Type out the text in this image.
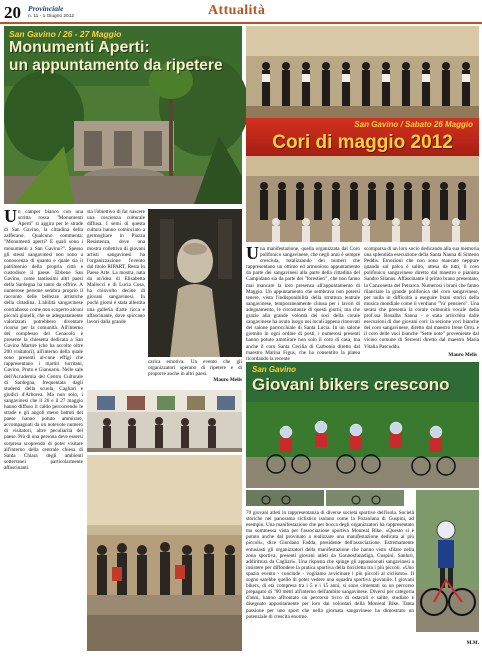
20 Provinciale
n. 11 - 1 Giugno 2012	Attualità
San Gavino / 26 - 27 Maggio
Monumenti Aperti:
un appuntamento da ripetere
Un camper bianco con una scritta rossa "Monumenti Aperti" si aggira per le strade di San Gavino, la cittadina della zafferano. Qualcuno commenta: "Monumenti aperti? E quali sono i monumenti a San Gavino?". Spesso gli stessi sangavinesi non sono a conoscenza di quanto e quale sia il patrimonio della propria città e custodisce il paese. Ebbene San Gavino, come tantissimi altri paesi della Sardegna ha tanto da offrire. A numerose persone sembra proprio il racconto delle bellezze artistiche della cittadina. L'abilità sangavinese contrabasso come non scoperto alcuni piccoli gioielli, che se adeguatamente valorizzati potrebbero diventare ricorso per la comunità. All'interno del complesso del Cenacolo è presente la chiesetta dedicata a San Gavino Martire (che ha accolto oltre 200 visitatori), all'interno della quale sono presenti al-cune effigi che rappresentano i martiri turritani, Gavino, Proto e Gianuario. Nelle sale dell'Accademia del Centro Culturale di Sardegna, frequentata dagli studenti della scuola, Cagliari e giudici d'Arborea. Ma non solo, i sangavinesi che il 26 e il 27 maggio hanno diffuso il caldo percorrendo le strade e gli angoli meno battuti del paese hanno potuto ammirare, accompagnati da un notevole numero di visitatori, altre peculiarità del paese. Più di una persona deve essersi sorpresa scoprendo di poter visitare all'interno della centrale chiesa di Santa Chiara degli ambienti sotterranei particolarmente affascinanti.
sta l'obiettivo di far nascere una coscienza culturale diffusa. I semi di questa cultura hanno cominciato a germogliare in Piazza Resistenza, dove una mostra collettiva di giovani artisti sangavinesi ha l'organizzazione l'evento dal titolo RIPART, Resta In Paese Arte. La mostra, nata da un'idea di Elisabetta Mallocci e di Lucia Cosa, ha coinvolto decine di giovani sangavinesi. In pochi giorni è stata allestita una galleria d'arte ricca e affascinante, dove spiccano lavori dalla grande
carica emotiva. Un evento che gli organizzatori sperano di ripetere e di proporre anche in altri paesi.
Mauro Melis
San Gavino / Sabato 26 Maggio
Cori di maggio 2012
Una manifestazione, quella organizzata dal Coro polifonico sangavinese, che negli anni è sempre cresciuta, totalizzando dei numeri che rappresentano un ottimo ed armonioso appuntamento da parte dei sangavinesi alla parte della cittadina del Campidano sia da parte dei "forestieri", che non fanno mai mancare la loro presenza all'appuntamento di Maggio. Un appuntamento che sembrava non potersi tenere, vista l'indisponibilità della struttura teatrale sangavinese, temporaneamente chiusa per i lavori di adeguamento, le circostanze di questi giorni, ma che grazie alla grande volontà dei soci della corale sangavinese ha avuto luogo nei locali appena rinnovati del salone parrocchiale di Santa Lucia. In un salone gremito in ogni ordine di posti, i numerosi presenti hanno potuto ammirare non solo il coro di casa, ma anche il coro Santa Cecilia di Carbonia diretto dal maestro Marina Figus, che ha consentito la platea ricordando la recente
scomparsa di un loro socio dedicando alla sua memoria una splendida esecuzione della Santa Nanna di Simeon Peddis. Emozioni che non sono mancate neppure quando sul palco è salito, attesa da tutti, il coro polifonico sangavinese diretto dal maestro e pianista Sandro Silanus. Affascinante il primo brano presentato, la Canzonetta del Petrarca. Numerosi i brani che fanno rilanciare la grande polifonica del coro sangavinese, per nulla in difficoltà a eseguire brani storici della musica mondiale come il verdiano "Va' pensiero". Una serata che presenta la corale comunità vocale della prof.ssa Rosalba Sanna - e stata arricchita dalle esecuzioni di due giovani cori: la sezione voci bianche del coro sangavinese, diretto dal maestro Irene Orru. e il coro delle voci bianche "Sette note" proveniente dal vicino comune di Serrenti diretto dal maestro Maria Vitalia Pascuddu.
Mauro Melis
San Gavino
Giovani bikers crescono
70 giovani atleti in rappresentanza di diverse società sportive dell'isola. Società storiche nel panorama ciclistico isolano come la Pozzolana di Guspini, ad esempio. Una manifestazione che per bocca degli organizzatori ha rappresentato ma sommessa vista per l'associazione sportiva Monreal Bike. «Questo si è potuto anche dal provinato a realizzare una manifestazione dedicata ai più piccoli», dice Giordano Fadda, presidente dell'associazione. Estremamente entusiasti gli organizzatori della manifestazione che hanno visto sfilare nella zona sportiva, presenti giovani atleti da Gonnosfanadiga, Guspini, Sanluri, addirittura da Cagliari». Una risposta che spinge gli appassionati sangavinesi a insistere per diffondere la pratica sportiva della bicicletta tra i più piccoli. «Uno spazio evento - conclude - vogliamo avvicinare i più piccoli al ciclismo». Il sogno sarebbe quello di poter vedere una squadra sportiva giovanile. I giovani bikers, di età compresa tra i 5 e i 15 anni, si sono cimentati su un percorso prepagato di "00 metri all'interno dell'ambito sangavinese. Diversi per categoria d'anni, hanno affrontato un percorso ricco di ostacoli e salite, studiato e disegnato appositamente per loro dai volontari della Monreal Bike. Tanta passione per uno sport che nella giornata sangavinese ha dimostrato un potenziale di crescita enorme.
M.M.
